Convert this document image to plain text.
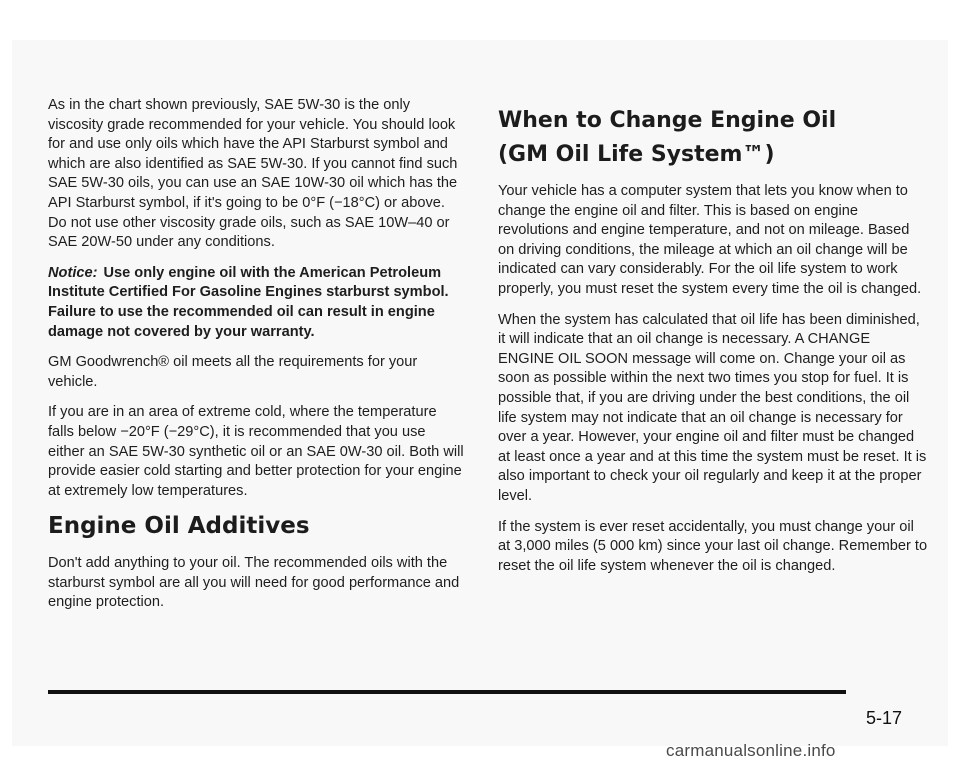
As in the chart shown previously, SAE 5W-30 is the only viscosity grade recommended for your vehicle. You should look for and use only oils which have the API Starburst symbol and which are also identified as SAE 5W-30. If you cannot find such SAE 5W-30 oils, you can use an SAE 10W-30 oil which has the API Starburst symbol, if it's going to be 0°F (−18°C) or above. Do not use other viscosity grade oils, such as SAE 10W–40 or SAE 20W-50 under any conditions.

Notice: Use only engine oil with the American Petroleum Institute Certified For Gasoline Engines starburst symbol. Failure to use the recommended oil can result in engine damage not covered by your warranty.

GM Goodwrench® oil meets all the requirements for your vehicle.

If you are in an area of extreme cold, where the temperature falls below −20°F (−29°C), it is recommended that you use either an SAE 5W-30 synthetic oil or an SAE 0W-30 oil. Both will provide easier cold starting and better protection for your engine at extremely low temperatures.

Engine Oil Additives

Don't add anything to your oil. The recommended oils with the starburst symbol are all you will need for good performance and engine protection.

When to Change Engine Oil
(GM Oil Life System™)

Your vehicle has a computer system that lets you know when to change the engine oil and filter. This is based on engine revolutions and engine temperature, and not on mileage. Based on driving conditions, the mileage at which an oil change will be indicated can vary considerably. For the oil life system to work properly, you must reset the system every time the oil is changed.

When the system has calculated that oil life has been diminished, it will indicate that an oil change is necessary. A CHANGE ENGINE OIL SOON message will come on. Change your oil as soon as possible within the next two times you stop for fuel. It is possible that, if you are driving under the best conditions, the oil life system may not indicate that an oil change is necessary for over a year. However, your engine oil and filter must be changed at least once a year and at this time the system must be reset. It is also important to check your oil regularly and keep it at the proper level.

If the system is ever reset accidentally, you must change your oil at 3,000 miles (5 000 km) since your last oil change. Remember to reset the oil life system whenever the oil is changed.

5-17
carmanualsonline.info
